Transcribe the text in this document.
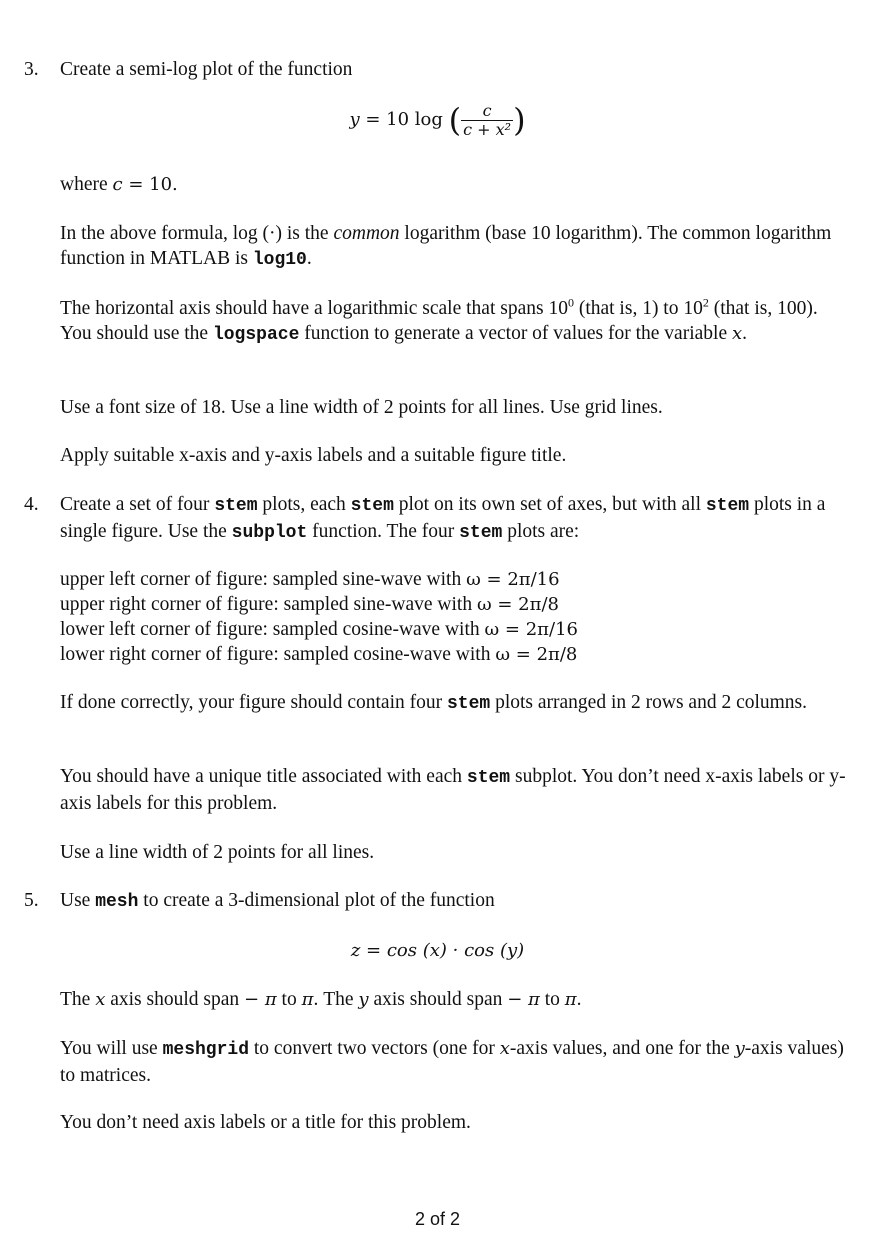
3. Create a semi-log plot of the function
y = 10 log ( $\frac{c}{\text{c + x²}}$ )
where c = 10.
In the above formula, log (·) is the common logarithm (base 10 logarithm). The common logarithm function in MATLAB is log10.
The horizontal axis should have a logarithmic scale that spans $10^0$ (that is, 1) to $10^2$ (that is, 100). You should use the logspace function to generate a vector of values for the variable x.
Use a font size of 18. Use a line width of 2 points for all lines. Use grid lines.
Apply suitable x-axis and y-axis labels and a suitable figure title.
4. Create a set of four stem plots, each stem plot on its own set of axes, but with all stem plots in a single figure. Use the subplot function. The four stem plots are:
upper left corner of figure: sampled sine-wave with ω = 2π/16
upper right corner of figure: sampled sine-wave with ω = 2π/8
lower left corner of figure: sampled cosine-wave with ω = 2π/16
lower right corner of figure: sampled cosine-wave with ω = 2π/8
If done correctly, your figure should contain four stem plots arranged in 2 rows and 2 columns.
You should have a unique title associated with each stem subplot. You don’t need x-axis labels or y-axis labels for this problem.
Use a line width of 2 points for all lines.
5. Use mesh to create a 3-dimensional plot of the function
z = cos (x) · cos (y)
The x axis should span − π to π. The y axis should span − π to π.
You will use meshgrid to convert two vectors (one for x-axis values, and one for the y-axis values) to matrices.
You don’t need axis labels or a title for this problem.
2 of 2
